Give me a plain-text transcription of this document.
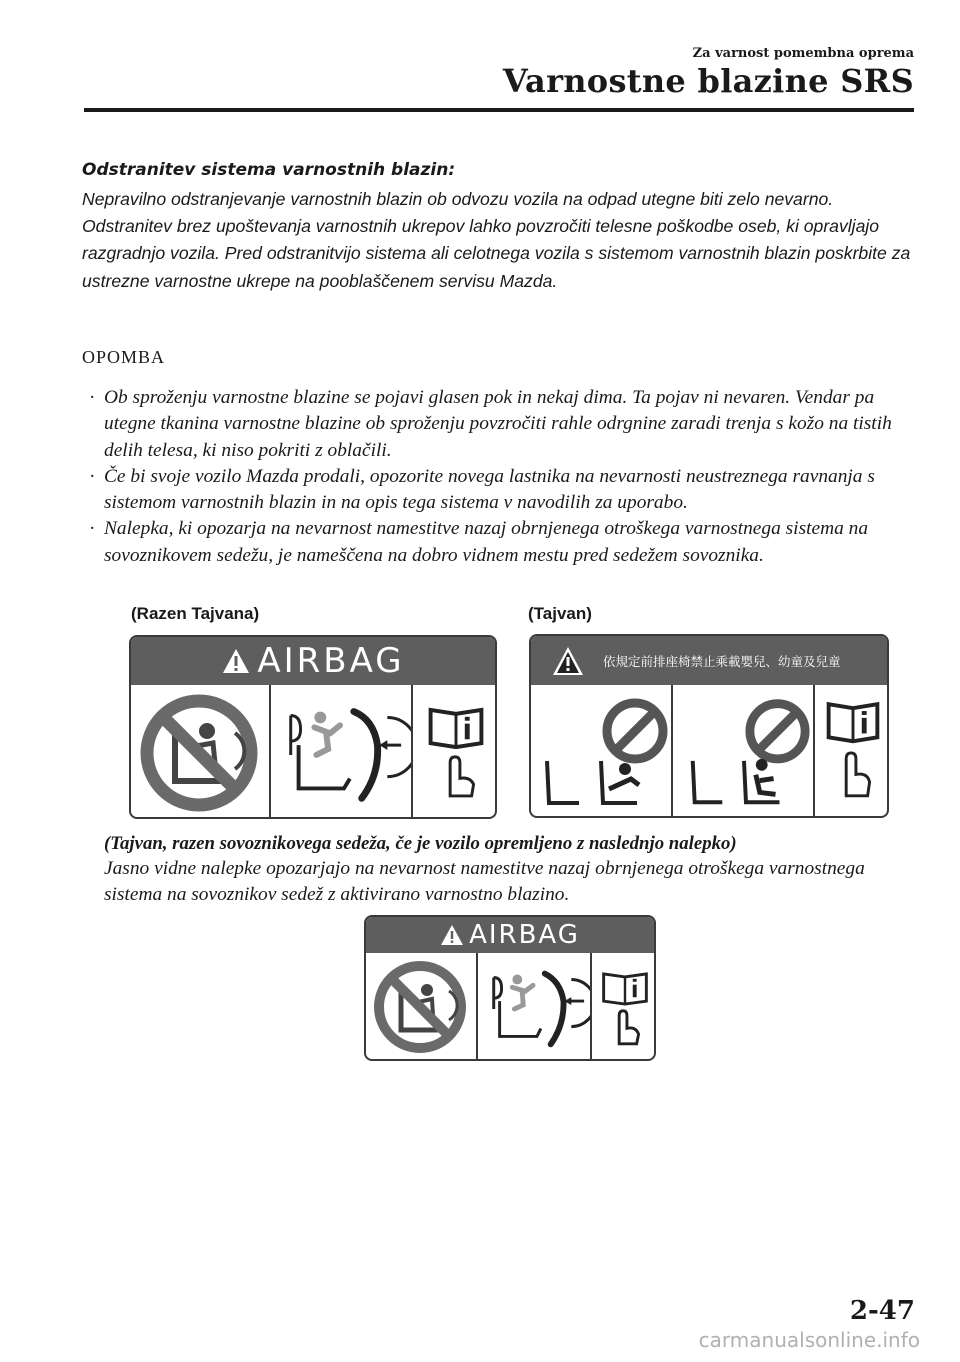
Za varnost pomembna oprema
Varnostne blazine SRS
Odstranitev sistema varnostnih blazin:
Nepravilno odstranjevanje varnostnih blazin ob odvozu vozila na odpad utegne biti zelo nevarno. Odstranitev brez upoštevanja varnostnih ukrepov lahko povzročiti telesne poškodbe oseb, ki opravljajo razgradnjo vozila. Pred odstranitvijo sistema ali celotnega vozila s sistemom varnostnih blazin poskrbite za ustrezne varnostne ukrepe na pooblaščenem servisu Mazda.
OPOMBA
· Ob sproženju varnostne blazine se pojavi glasen pok in nekaj dima. Ta pojav ni nevaren. Vendar pa utegne tkanina varnostne blazine ob sproženju povzročiti rahle odrgnine zaradi trenja s kožo na tistih delih telesa, ki niso pokriti z oblačili.
· Če bi svoje vozilo Mazda prodali, opozorite novega lastnika na nevarnosti neustreznega ravnanja s sistemom varnostnih blazin in na opis tega sistema v navodilih za uporabo.
· Nalepka, ki opozarja na nevarnost namestitve nazaj obrnjenega otroškega varnostnega sistema na sovoznikovem sedežu, je nameščena na dobro vidnem mestu pred sedežem sovoznika.
(Razen Tajvana)	(Tajvan)
AIRBAG	依規定前排座椅禁止乘載嬰兒、幼童及兒童
(Tajvan, razen sovoznikovega sedeža, če je vozilo opremljeno z naslednjo nalepko)
Jasno vidne nalepke opozarjajo na nevarnost namestitve nazaj obrnjenega otroškega varnostnega sistema na sovoznikov sedež z aktivirano varnostno blazino.
AIRBAG
2-47
carmanualsonline.info
